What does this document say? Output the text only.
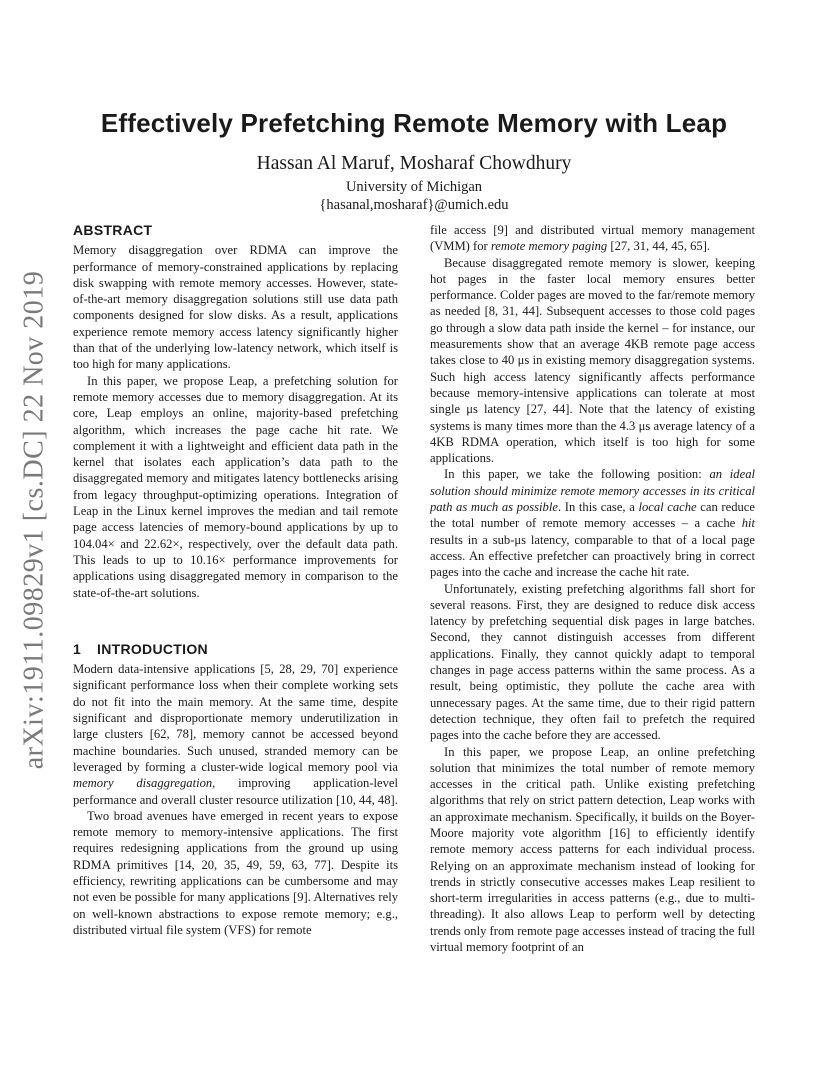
arXiv:1911.09829v1 [cs.DC] 22 Nov 2019
Effectively Prefetching Remote Memory with Leap
Hassan Al Maruf, Mosharaf Chowdhury
University of Michigan
{hasanal,mosharaf}@umich.edu
ABSTRACT

Memory disaggregation over RDMA can improve the performance of memory-constrained applications by replacing disk swapping with remote memory accesses. However, state-of-the-art memory disaggregation solutions still use data path components designed for slow disks. As a result, applications experience remote memory access latency significantly higher than that of the underlying low-latency network, which itself is too high for many applications.

In this paper, we propose Leap, a prefetching solution for remote memory accesses due to memory disaggregation. At its core, Leap employs an online, majority-based prefetching algorithm, which increases the page cache hit rate. We complement it with a lightweight and efficient data path in the kernel that isolates each application’s data path to the disaggregated memory and mitigates latency bottlenecks arising from legacy throughput-optimizing operations. Integration of Leap in the Linux kernel improves the median and tail remote page access latencies of memory-bound applications by up to 104.04× and 22.62×, respectively, over the default data path. This leads to up to 10.16× performance improvements for applications using disaggregated memory in comparison to the state-of-the-art solutions.

1 INTRODUCTION

Modern data-intensive applications [5, 28, 29, 70] experience significant performance loss when their complete working sets do not fit into the main memory. At the same time, despite significant and disproportionate memory underutilization in large clusters [62, 78], memory cannot be accessed beyond machine boundaries. Such unused, stranded memory can be leveraged by forming a cluster-wide logical memory pool via memory disaggregation, improving application-level performance and overall cluster resource utilization [10, 44, 48].

Two broad avenues have emerged in recent years to expose remote memory to memory-intensive applications. The first requires redesigning applications from the ground up using RDMA primitives [14, 20, 35, 49, 59, 63, 77]. Despite its efficiency, rewriting applications can be cumbersome and may not even be possible for many applications [9]. Alternatives rely on well-known abstractions to expose remote memory; e.g., distributed virtual file system (VFS) for remote

file access [9] and distributed virtual memory management (VMM) for remote memory paging [27, 31, 44, 45, 65].

Because disaggregated remote memory is slower, keeping hot pages in the faster local memory ensures better performance. Colder pages are moved to the far/remote memory as needed [8, 31, 44]. Subsequent accesses to those cold pages go through a slow data path inside the kernel – for instance, our measurements show that an average 4KB remote page access takes close to 40 μs in existing memory disaggregation systems. Such high access latency significantly affects performance because memory-intensive applications can tolerate at most single μs latency [27, 44]. Note that the latency of existing systems is many times more than the 4.3 μs average latency of a 4KB RDMA operation, which itself is too high for some applications.

In this paper, we take the following position: an ideal solution should minimize remote memory accesses in its critical path as much as possible. In this case, a local cache can reduce the total number of remote memory accesses – a cache hit results in a sub-μs latency, comparable to that of a local page access. An effective prefetcher can proactively bring in correct pages into the cache and increase the cache hit rate.

Unfortunately, existing prefetching algorithms fall short for several reasons. First, they are designed to reduce disk access latency by prefetching sequential disk pages in large batches. Second, they cannot distinguish accesses from different applications. Finally, they cannot quickly adapt to temporal changes in page access patterns within the same process. As a result, being optimistic, they pollute the cache area with unnecessary pages. At the same time, due to their rigid pattern detection technique, they often fail to prefetch the required pages into the cache before they are accessed.

In this paper, we propose Leap, an online prefetching solution that minimizes the total number of remote memory accesses in the critical path. Unlike existing prefetching algorithms that rely on strict pattern detection, Leap works with an approximate mechanism. Specifically, it builds on the Boyer-Moore majority vote algorithm [16] to efficiently identify remote memory access patterns for each individual process. Relying on an approximate mechanism instead of looking for trends in strictly consecutive accesses makes Leap resilient to short-term irregularities in access patterns (e.g., due to multi-threading). It also allows Leap to perform well by detecting trends only from remote page accesses instead of tracing the full virtual memory footprint of an
